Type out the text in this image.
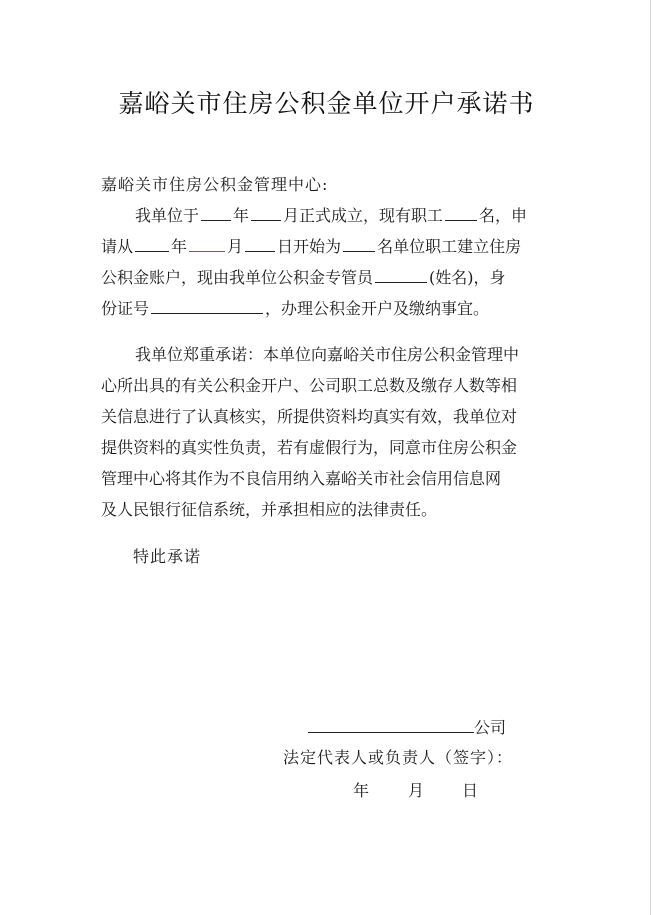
嘉峪关市住房公积金单位开户承诺书
嘉峪关市住房公积金管理中心:
我单位于 年 月正式成立，现有职工 名，申
请从 年	月 日开始为 名单位职工建立住房
公积金账户，现由我单位公积金专管员	(姓名)，身
份证号	，办理公积金开户及缴纳事宜。
我单位郑重承诺：本单位向嘉峪关市住房公积金管理中
心所出具的有关公积金开户、公司职工总数及缴存人数等相
关信息进行了认真核实，所提供资料均真实有效，我单位对
提供资料的真实性负责，若有虚假行为，同意市住房公积金
管理中心将其作为不良信用纳入嘉峪关市社会信用信息网
及人民银行征信系统，并承担相应的法律责任。
特此承诺
公司
法定代表人或负责人（签字）：
年 月 日
